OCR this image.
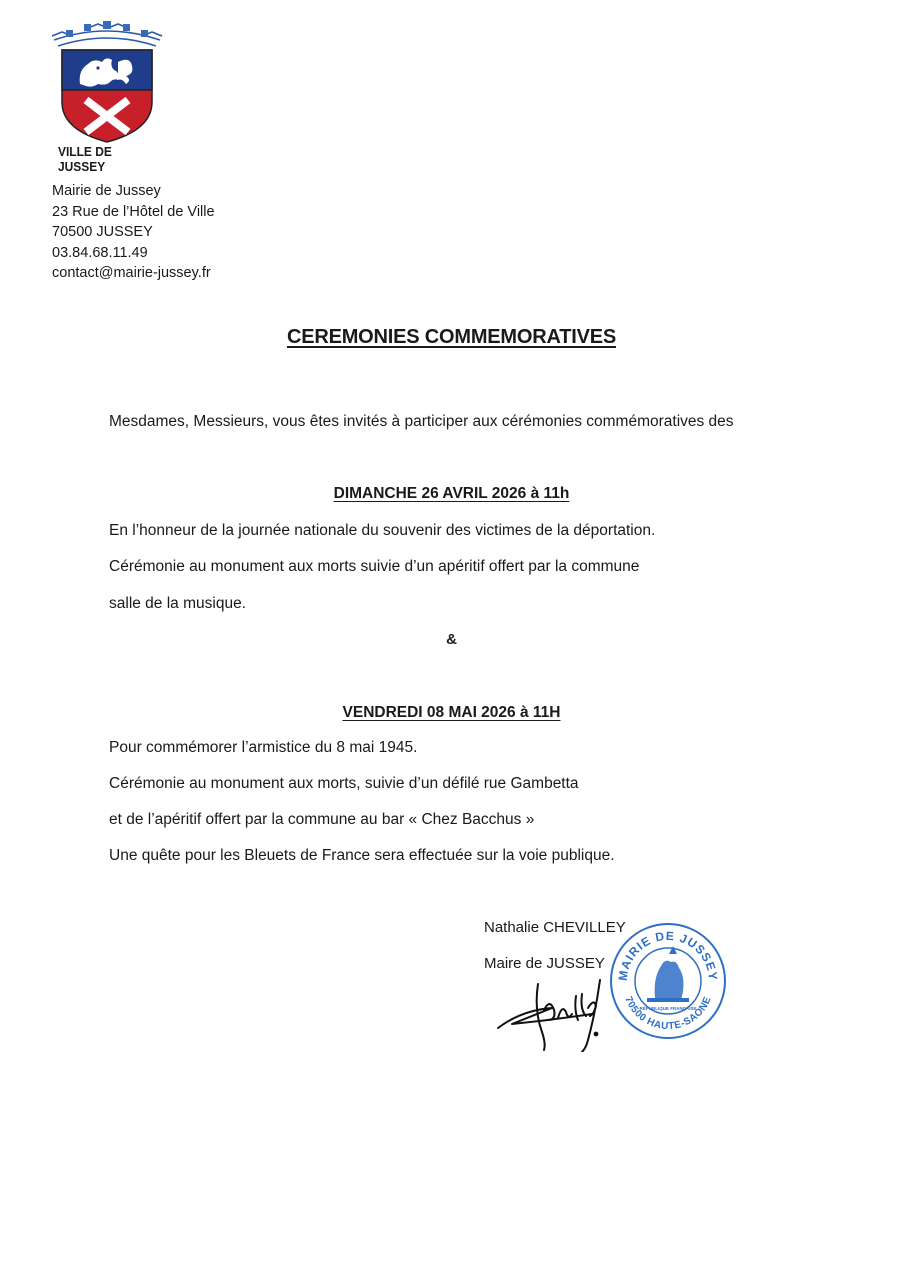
VILLE DE JUSSEY
Mairie de Jussey
23 Rue de l’Hôtel de Ville
70500 JUSSEY
03.84.68.11.49
contact@mairie-jussey.fr
CEREMONIES COMMEMORATIVES
Mesdames, Messieurs, vous êtes invités à participer aux cérémonies commémoratives des
DIMANCHE 26 AVRIL 2026 à 11h
En l’honneur de la journée nationale du souvenir des victimes de la déportation.
Cérémonie au monument aux morts suivie d’un apéritif offert par la commune
salle de la musique.
&
VENDREDI 08 MAI 2026 à 11H
Pour commémorer l’armistice du 8 mai 1945.
Cérémonie au monument aux morts, suivie d’un défilé rue Gambetta
et de l’apéritif offert par la commune au bar « Chez Bacchus »
Une quête pour les Bleuets de France sera effectuée sur la voie publique.
Nathalie CHEVILLEY
Maire de JUSSEY
MAIRIE DE JUSSEY
70500 HAUTE-SAONE
RÉPUBLIQUE FRANÇAISE
